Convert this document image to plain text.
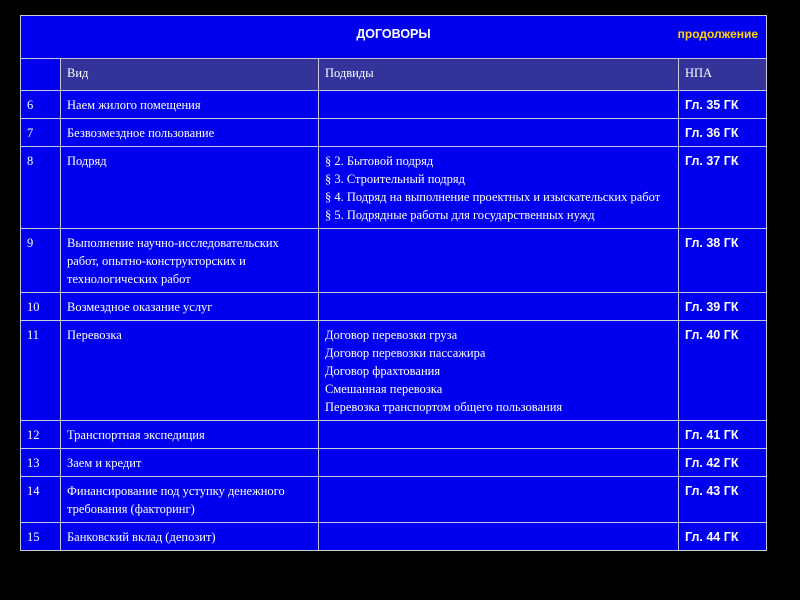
ДОГОВОРЫ продолжение			

	Вид	Подвиды	НПА
6	Наем жилого помещения		Гл. 35 ГК
7	Безвозмездное пользование		Гл. 36 ГК
8	Подряд	§ 2. Бытовой подряд
§ 3. Строительный подряд
§ 4. Подряд на выполнение проектных и изыскательских работ
§ 5. Подрядные работы для государственных нужд	Гл. 37 ГК
9	Выполнение научно-исследовательских работ, опытно-конструкторских и технологических работ		Гл. 38 ГК
10	Возмездное оказание услуг		Гл. 39 ГК
11	Перевозка	Договор перевозки груза
Договор перевозки пассажира
Договор фрахтования
Смешанная перевозка
Перевозка транспортом общего пользования	Гл. 40 ГК
12	Транспортная экспедиция		Гл. 41 ГК
13	Заем и кредит		Гл. 42 ГК
14	Финансирование под уступку денежного требования (факторинг)		Гл. 43 ГК
15	Банковский вклад (депозит)		Гл. 44 ГК
